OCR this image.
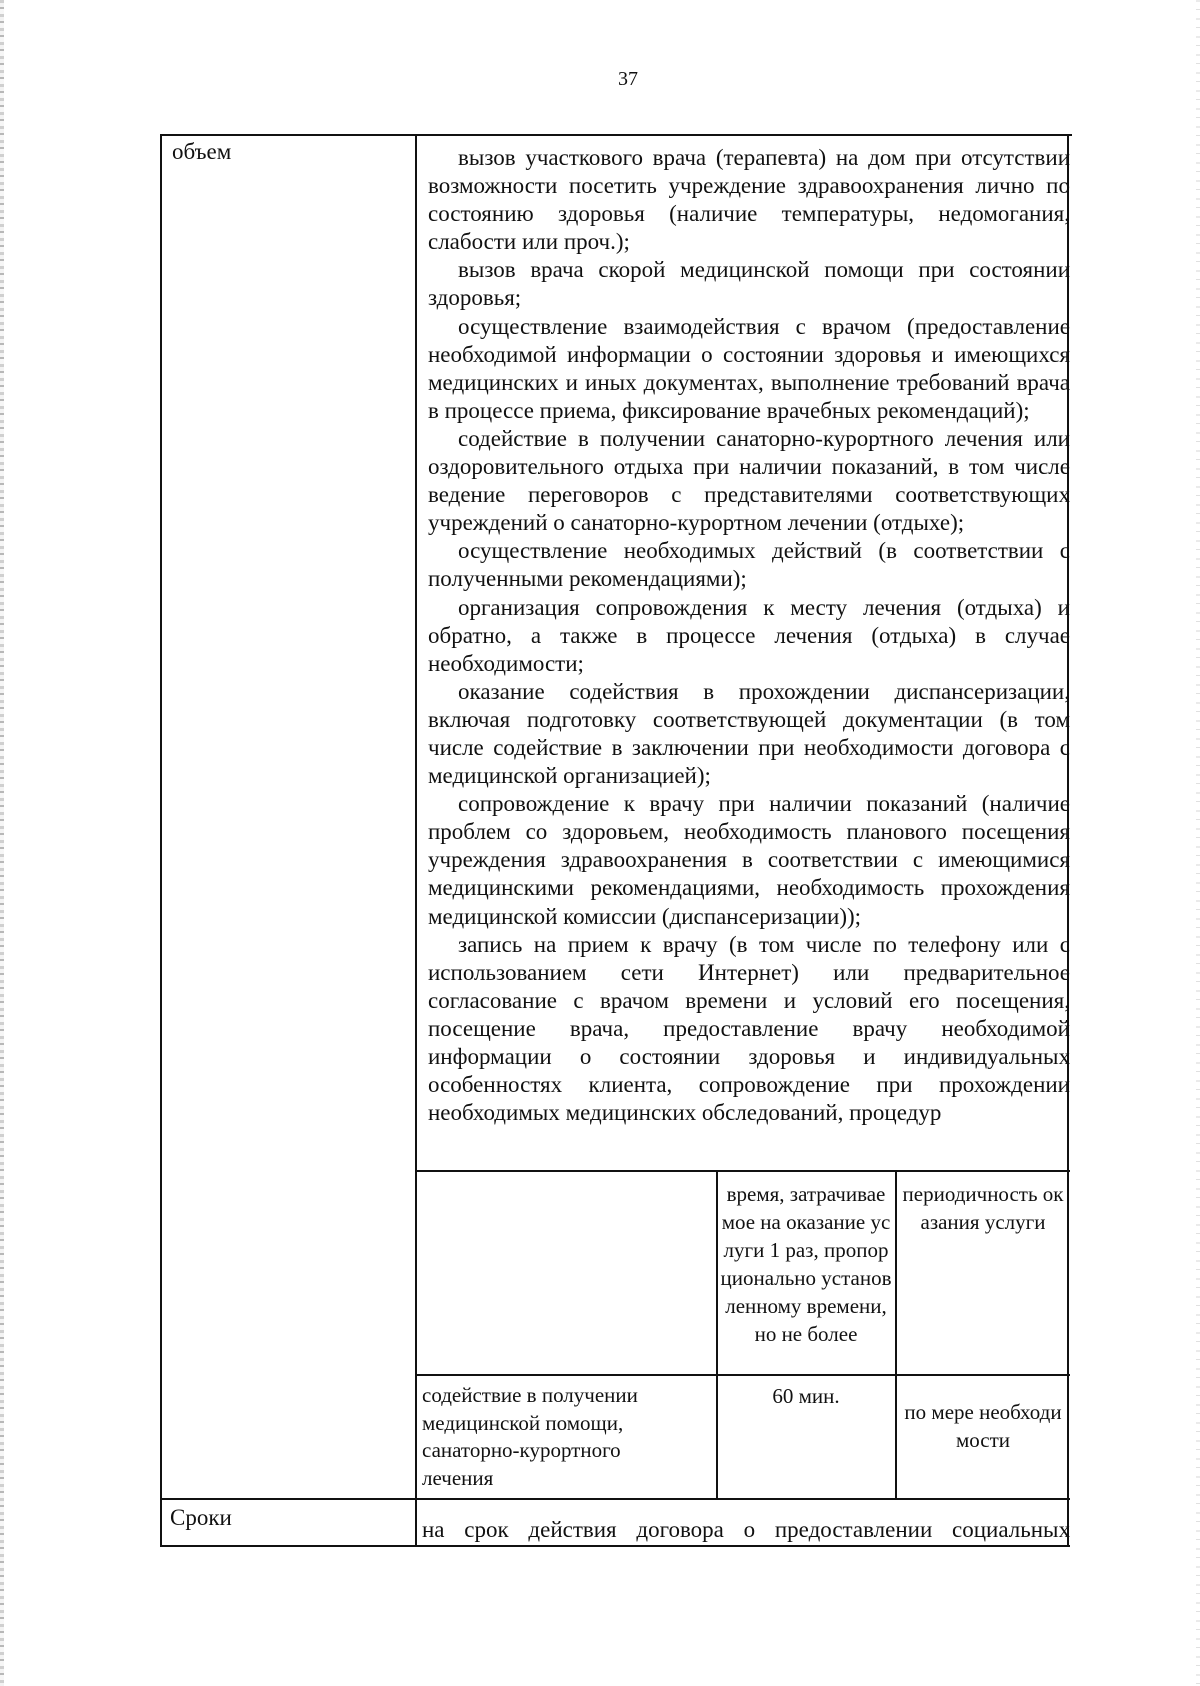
37
объем
Сроки

вызов участкового врача (терапевта) на дом при отсутствии возможности посетить учреждение здравоохранения лично по состоянию здоровья (наличие температуры, недомогания, слабости или проч.);

вызов врача скорой медицинской помощи при состоянии здоровья;

осуществление взаимодействия с врачом (предоставление необходимой информации о состоянии здоровья и имеющихся медицинских и иных документах, выполнение требований врача в процессе приема, фиксирование врачебных рекомендаций);

содействие в получении санаторно-курортного лечения или оздоровительного отдыха при наличии показаний, в том числе ведение переговоров с представителями соответствующих учреждений о санаторно-курортном лечении (отдыхе);

осуществление необходимых действий (в соответствии с полученными рекомендациями);

организация сопровождения к месту лечения (отдыха) и обратно, а также в процессе лечения (отдыха) в случае необходимости;

оказание содействия в прохождении диспансеризации, включая подготовку соответствующей документации (в том числе содействие в заключении при необходимости договора с медицинской организацией);

сопровождение к врачу при наличии показаний (наличие проблем со здоровьем, необходимость планового посещения учреждения здравоохранения в соответствии с имеющимися медицинскими рекомендациями, необходимость прохождения медицинской комиссии (диспансеризации));

запись на прием к врачу (в том числе по телефону или с использованием сети Интернет) или предварительное согласование с врачом времени и условий его посещения, посещение врача, предоставление врачу необходимой информации о состоянии здоровья и индивидуальных особенностях клиента, сопровождение при прохождении необходимых медицинских обследований, процедур

время, затрачиваемое на оказание услуги 1 раз, пропорционально установленному времени, но не более
периодичность оказания услуги
содействие в получении медицинской помощи, санаторно-курортного лечения
60 мин.
по мере необходимости
на срок действия договора о предоставлении социальных
